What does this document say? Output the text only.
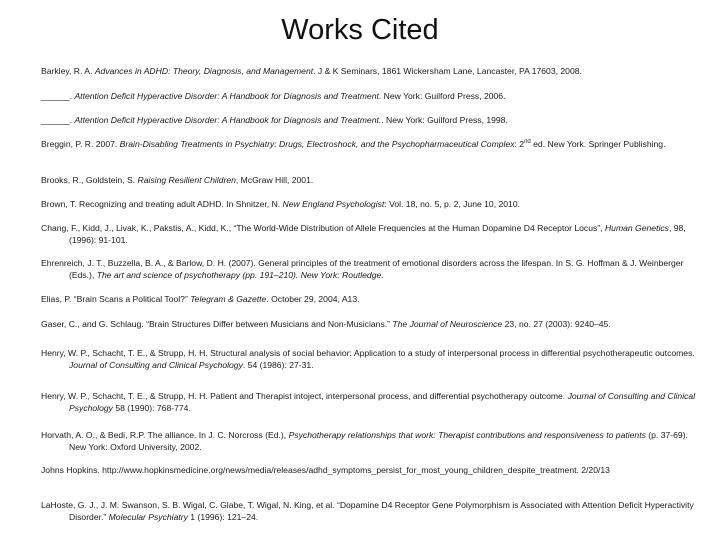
Works Cited
Barkley, R. A. Advances in ADHD: Theory, Diagnosis, and Management. J & K Seminars, 1861 Wickersham Lane, Lancaster, PA 17603, 2008.
______. Attention Deficit Hyperactive Disorder: A Handbook for Diagnosis and Treatment. New York: Guilford Press, 2006.
______. Attention Deficit Hyperactive Disorder: A Handbook for Diagnosis and Treatment.. New York: Guilford Press, 1998.
Breggin, P. R. 2007. Brain-Disabling Treatments in Psychiatry: Drugs, Electroshock, and the Psychopharmaceutical Complex: 2nd ed. New York. Springer Publishing.
Brooks, R., Goldstein, S. Raising Resilient Children, McGraw Hill, 2001.
Brown, T. Recognizing and treating adult ADHD. In Shnitzer, N. New England Psychologist: Vol. 18, no. 5, p. 2, June 10, 2010.
Chang, F., Kidd, J., Livak, K., Pakstis, A., Kidd, K., “The World-Wide Distribution of Allele Frequencies at the Human Dopamine D4 Receptor Locus”, Human Genetics, 98, (1996): 91-101.
Ehrenreich, J. T., Buzzella, B. A., & Barlow, D. H. (2007). General principles of the treatment of emotional disorders across the lifespan. In S. G. Hoffman & J. Weinberger (Eds.), The art and science of psychotherapy (pp. 191–210). New York: Routledge.
Elias, P. “Brain Scans a Political Tool?” Telegram & Gazette. October 29, 2004, A13.
Gaser, C., and G. Schlaug. “Brain Structures Differ between Musicians and Non-Musicians.” The Journal of Neuroscience 23, no. 27 (2003): 9240–45.
Henry, W. P., Schacht, T. E., & Strupp, H. H. Structural analysis of social behavior: Application to a study of interpersonal process in differential psychotherapeutic outcomes. Journal of Consulting and Clinical Psychology. 54 (1986): 27-31.
Henry, W. P., Schacht, T. E., & Strupp, H. H. Patient and Therapist intoject, interpersonal process, and differential psychotherapy outcome. Journal of Consulting and Clinical Psychology 58 (1990): 768-774.
Horvath, A. O., & Bedi, R.P. The alliance. In J. C. Norcross (Ed.), Psychotherapy relationships that work: Therapist contributions and responsiveness to patients (p. 37-69). New York: Oxford University, 2002.
Johns Hopkins. http://www.hopkinsmedicine.org/news/media/releases/adhd_symptoms_persist_for_most_young_children_despite_treatment. 2/20/13
LaHoste, G. J., J. M. Swanson, S. B. Wigal, C. Glabe, T. Wigal, N. King, et al. “Dopamine D4 Receptor Gene Polymorphism is Associated with Attention Deficit Hyperactivity Disorder.” Molecular Psychiatry 1 (1996): 121–24.
